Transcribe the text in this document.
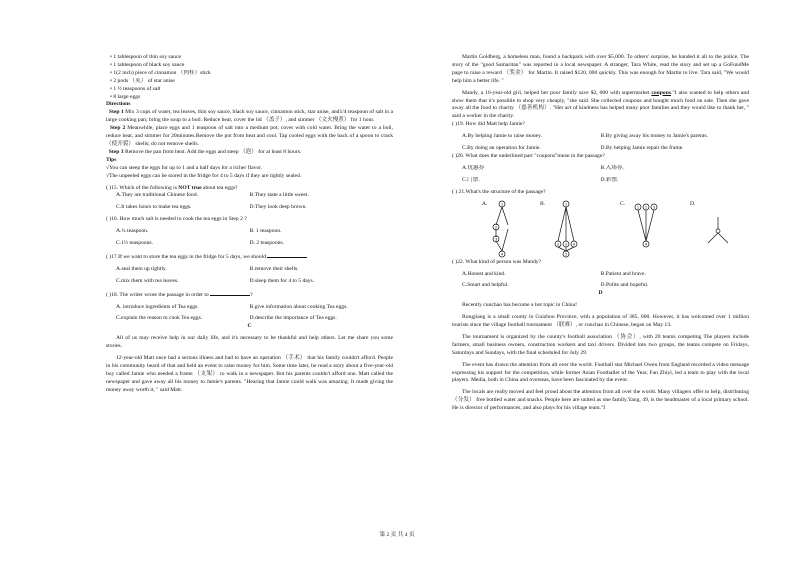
• 1 tablespoon of thin soy sauce
• 1 tablespoon of black soy sauce
• 1(2 inch) piece of cinnamon （肉桂）stick
• 2 pods （荚） of star anise
• 1 ½ teaspoons of salt
• 8 large eggs
Directions
Step 1 Mix 3 cups of water, tea leaves, thin soy sauce, black soy sauce, cinnamon stick, star anise, and1/4 teaspoon of salt in a large cooking pan; bring the soup to a boil. Reduce heat, cover the lid （盖子）, and simmer （文火慢煮） for 1 hour.
Step 2 Meanwhile, place eggs and 1 teaspoon of salt into a medium pot; cover with cold water. Bring the water to a boil, reduce heat, and simmer for 20minutes.Remove the pot from heat and cool. Tap cooled eggs with the back of a spoon to crack （使开裂） shells; do not remove shells.
Step 3 Remove the pan from heat. Add the eggs and steep （泡） for at least 8 hours.
Tips
√You can steep the eggs for up to 1 and a half days for a richer flavor.
√The unpeeled eggs can be stored in the fridge for 4 to 5 days if they are tightly sealed.
( )15. Which of the following is NOT true about tea eggs?
A.They are traditional Chinese food.	B.They taste a little sweet.
C.It takes hours to make tea eggs.	D.They look deep brown.
( )16. How much salt is needed to cook the tea eggs in Step 2 ?
A.¼ teaspoon.	B. 1 teaspoon.
C.1½ teaspoons.	D. 2 teaspoons.
( )17.If we want to store the tea eggs in the fridge for 5 days, we should
A.seal them up tightly.	B.remove their shells.
C.mix them with tea leaves.	D.sleep them for 4 to 5 days.
( )18. The writer wrote the passage in order to	?
A. introduce ingredients of Tea eggs.	B.give information about cooking Tea eggs.
C.explain the reason to cook Tea eggs.	D.describe the importance of Tea eggs.
C
All of us may receive help in our daily life, and it's necessary to be thankful and help others. Let me share you some stories.
12-year-old Matt once had a serious illness and had to have an operation （手术） that his family couldn't afford. People in his community heard of that and held an event to raise money for him. Some time later, he read a story about a five-year-old boy called Jamie who needed a frame （支架） to walk in a newspaper. But his parents couldn't afford one. Matt called the newspaper and gave away all his money to Jamie's parents. "Hearing that Jamie could walk was amazing. It made giving the money away worth it, " said Matt.
Martin Goldberg, a homeless man, found a backpack with over $5,000. To others' surprise, he handed it all to the police. The story of the "good Samaritan" was reported in a local newspaper. A stranger, Tara White, read the story and set up a GoFundMe page to raise a reward （奖金） for Martin. It raised $120, 000 quickly. This was enough for Martin to live. Tara said, "We would help him a better life. "
Mandy, a 16-year-old girl, helped her poor family save $2, 000 with supermarket coupons."I also wanted to help others and show them that it's possible to shop very cheaply, "she said. She collected coupons and bought much food on sale. Then she gave away all the food to charity （慈善机构）. "Her act of kindness has helped many poor families and they would like to thank her, " said a worker in the charity.
( )19. How did Matt help Jamie?
A.By helping Jamie to raise money.	B.By giving away his money to Jamie's parents.
C.By doing an operation for Jamie.	D.By helping Jamie repair the frame.
( )20. What does the underlined part "coupons"mean in the passage?
A.优惠券	B.入场券。
C.门票.	D.彩票.
( ) 21.What's the structure of the passage?
A.	1
2
3
4
B.	1
2 3 4
5
C.
1 2 3
4
D.
( )22. What kind of person was Mandy?
A.Honest and kind.	B.Patient and brave.
C.Smart and helpful.	D.Polite and hopeful.
D
Recently cunchao has become a hot topic in China!
Rongjiang is a small county in Guizhou Province, with a population of 385, 000. However, it has welcomed over 1 million tourists since the village football tournament （联赛）, or cunchao in Chinese, began on May 13.
The tournament is organized by the county's football association （协会）, with 20 teams competing The players include farmers, small business owners, construction workers and taxi drivers. Divided into two groups, the teams compete on Fridays, Saturdays and Sundays, with the final scheduled for July 29.
The event has drawn the attention from all over the world. Football star Michael Owen from England recorded a video message expressing his support for the competition, while former Asian Footballer of the Year, Fan Zhiyi, led a team to play with the local players. Media, both in China and overseas, have been fascinated by the event.
The locals are really moved and feel proud about the attention from all over the world. Many villagers offer to help, distributing （分发） free bottled water and snacks. People here are united as one family.Yang, 49, is the headmaster of a local primary school. He is director of performances, and also plays for his village team."I
第 2 页 共 4 页
